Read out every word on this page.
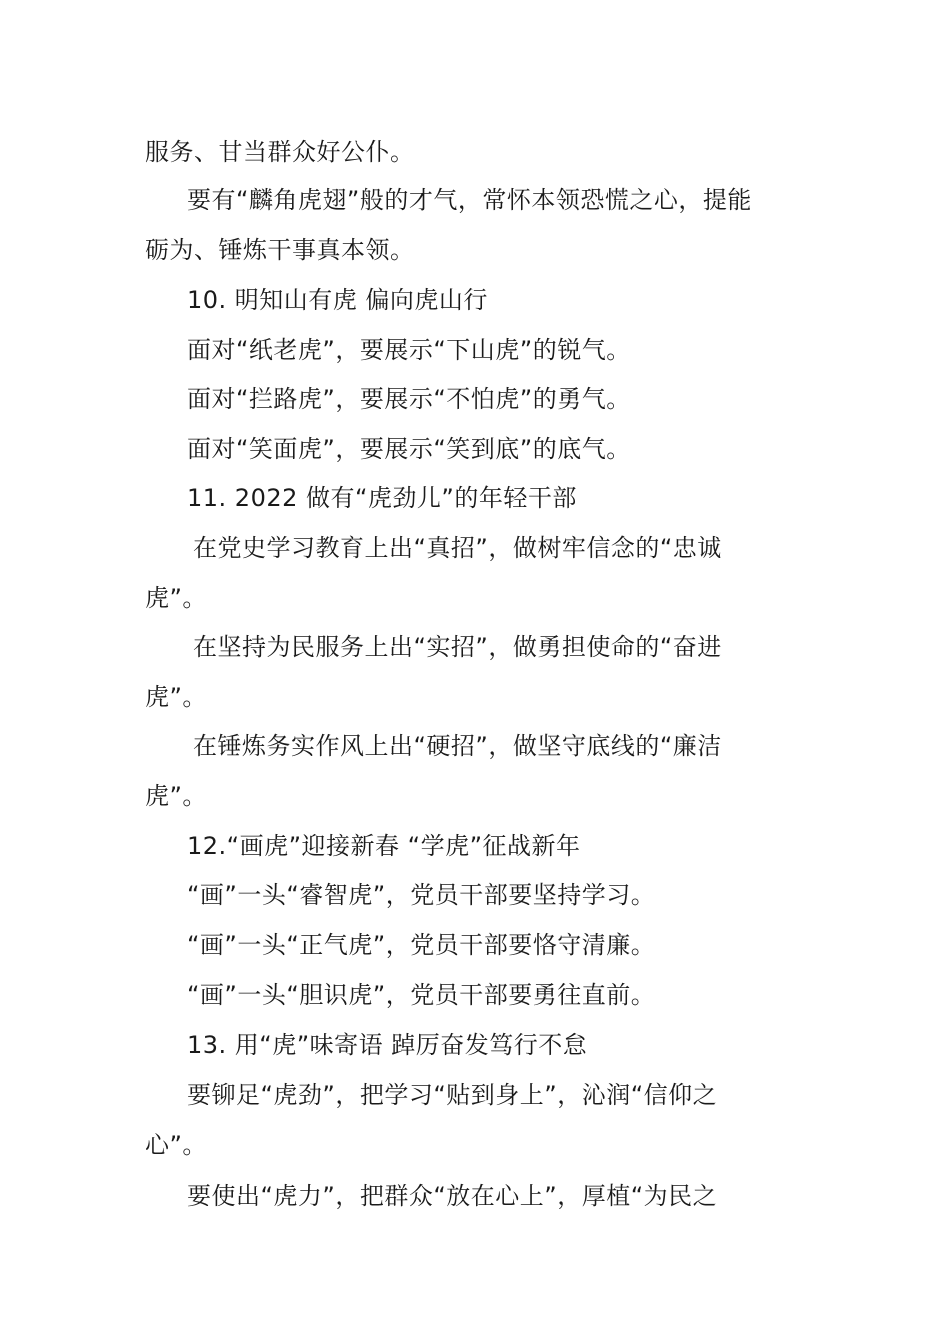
服务、甘当群众好公仆。
要有“麟角虎翅”般的才气，常怀本领恐慌之心，提能
砺为、锤炼干事真本领。
10. 明知山有虎 偏向虎山行
面对“纸老虎”，要展示“下山虎”的锐气。
面对“拦路虎”，要展示“不怕虎”的勇气。
面对“笑面虎”，要展示“笑到底”的底气。
11. 2022 做有“虎劲儿”的年轻干部
在党史学习教育上出“真招”，做树牢信念的“忠诚
虎”。
在坚持为民服务上出“实招”，做勇担使命的“奋进
虎”。
在锤炼务实作风上出“硬招”，做坚守底线的“廉洁
虎”。
12.“画虎”迎接新春 “学虎”征战新年
“画”一头“睿智虎”，党员干部要坚持学习。
“画”一头“正气虎”，党员干部要恪守清廉。
“画”一头“胆识虎”，党员干部要勇往直前。
13. 用“虎”味寄语 踔厉奋发笃行不怠
要铆足“虎劲”，把学习“贴到身上”，沁润“信仰之
心”。
要使出“虎力”，把群众“放在心上”，厚植“为民之
